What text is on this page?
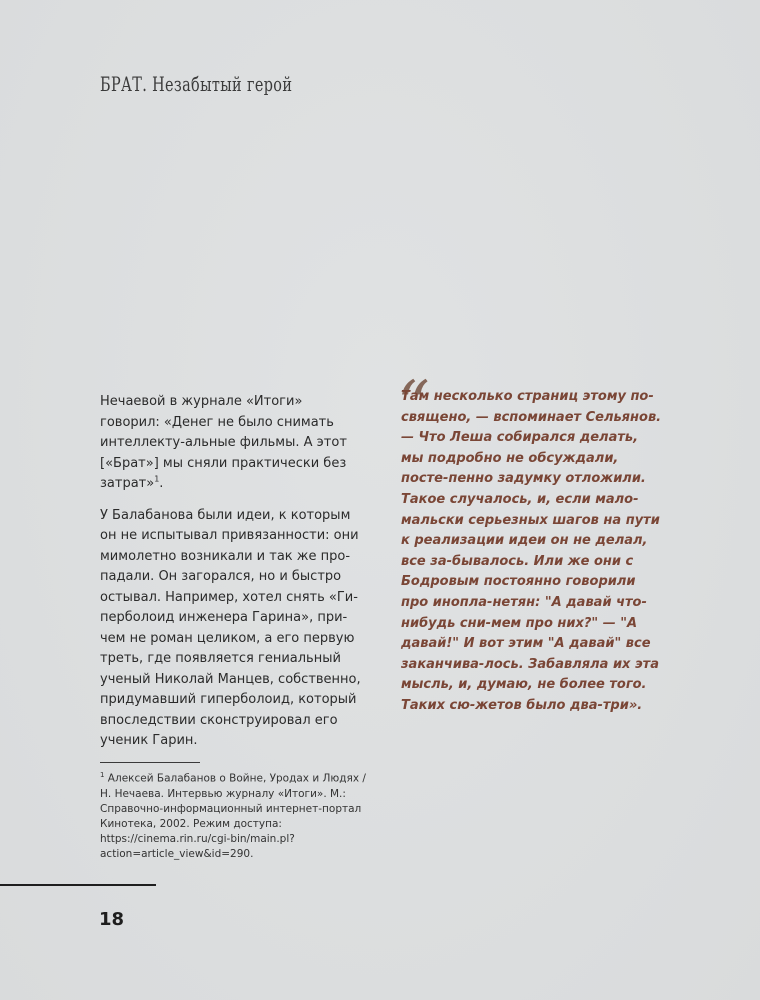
БРАТ. Незабытый герой

Нечаевой в журнале «Итоги» говорил: «Денег не было снимать интеллекту-альные фильмы. А этот [«Брат»] мы сняли практически без затрат»$^1$.

У Балабанова были идеи, к которым он не испытывал привязанности: они мимолетно возникали и так же про-падали. Он загорался, но и быстро остывал. Например, хотел снять «Ги-перболоид инженера Гарина», при-чем не роман целиком, а его первую треть, где появляется гениальный ученый Николай Манцев, собственно, придумавший гиперболоид, который впоследствии сконструировал его ученик Гарин.

“
Там несколько страниц этому по-священо, — вспоминает Сельянов. — Что Леша собирался делать, мы подробно не обсуждали, посте-пенно задумку отложили. Такое случалось, и, если мало-мальски серьезных шагов на пути к реализации идеи он не делал, все за-бывалось. Или же они с Бодровым постоянно говорили про инопла-нетян: "А давай что-нибудь сни-мем про них?" — "А давай!" И вот этим "А давай" все заканчива-лось. Забавляла их эта мысль, и, думаю, не более того. Таких сю-жетов было два-три».
$^1$ Алексей Балабанов о Войне, Уродах и Людях / Н. Нечаева. Интервью журналу «Итоги». М.: Справочно-информационный интернет-портал Кинотека, 2002. Режим доступа: https://cinema.rin.ru/cgi-bin/main.pl?action=article_view&id=290.
18
